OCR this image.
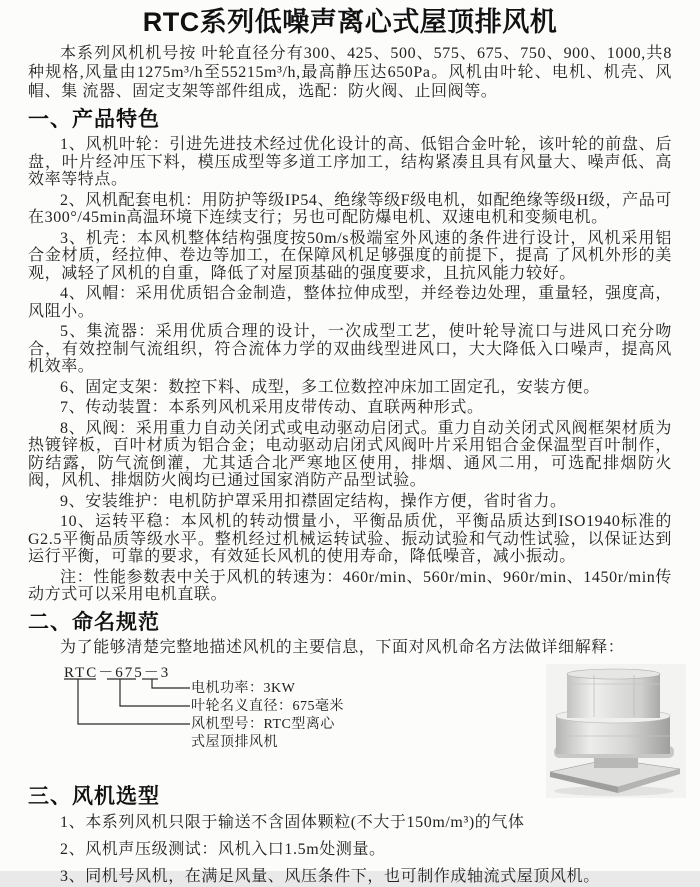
RTC系列低噪声离心式屋顶排风机

本系列风机机号按 叶轮直径分有300、425、500、575、675、750、900、1000,共8种规格,风量由1275m³/h至55215m³/h,最高静压达650Pa。风机由叶轮、电机、机壳、风帽、集 流器、固定支架等部件组成，选配：防火阀、止回阀等。

一、产品特色

1、风机叶轮：引进先进技术经过优化设计的高、低铝合金叶轮，该叶轮的前盘、后盘，叶片经冲压下料，模压成型等多道工序加工，结构紧凑且具有风量大、噪声低、高效率等特点。

2、风机配套电机：用防护等级IP54、绝缘等级F级电机，如配绝缘等级H级，产品可在300°/45min高温环境下连续支行；另也可配防爆电机、双速电机和变频电机。

3、机壳：本风机整体结构强度按50m/s极端室外风速的条件进行设计，风机采用铝合金材质，经拉伸、卷边等加工，在保障风机足够强度的前提下，提高 了风机外形的美观，减轻了风机的自重，降低了对屋顶基础的强度要求，且抗风能力较好。

4、风帽：采用优质铝合金制造，整体拉伸成型，并经卷边处理，重量轻，强度高，风阻小。

5、集流器：采用优质合理的设计，一次成型工艺，使叶轮导流口与进风口充分吻合，有效控制气流组织，符合流体力学的双曲线型进风口，大大降低入口噪声，提高风机效率。

6、固定支架：数控下料、成型，多工位数控冲床加工固定孔，安装方便。

7、传动装置：本系列风机采用皮带传动、直联两种形式。

8、风阀：采用重力自动关闭式或电动驱动启闭式。重力自动关闭式风阀框架材质为热镀锌板，百叶材质为铝合金；电动驱动启闭式风阀叶片采用铝合金保温型百叶制作，防结露，防气流倒灌，尤其适合北严寒地区使用，排烟、通风二用，可选配排烟防火阀，风机、排烟防火阀均已通过国家消防产品型试验。

9、安装维护：电机防护罩采用扣襟固定结构，操作方便，省时省力。

10、运转平稳：本风机的转动惯量小，平衡品质优，平衡品质达到ISO1940标准的G2.5平衡品质等级水平。整机经过机械运转试验、振动试验和气动性试验，以保证达到运行平衡，可靠的要求，有效延长风机的使用寿命，降低噪音，减小振动。

注：性能参数表中关于风机的转速为：460r/min、560r/min、960r/min、1450r/min传动方式可以采用电机直联。

二、命名规范

为了能够清楚完整地描述风机的主要信息，下面对风机命名方法做详细解释：

RTC－675－3
电机功率：3KW
叶轮名义直径：675毫米
风机型号：RTC型离心式屋顶排风机
三、风机选型

1、本系列风机只限于输送不含固体颗粒(不大于150m/m³)的气体

2、风机声压级测试：风机入口1.5m处测量。

3、同机号风机，在满足风量、风压条件下，也可制作成轴流式屋顶风机。
